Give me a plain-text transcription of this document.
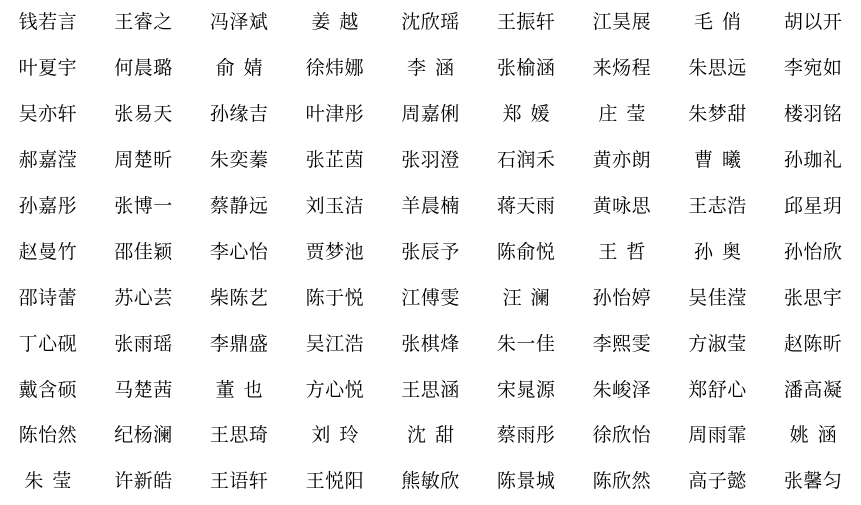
钱若言 王睿之 冯泽斌	姜越 沈欣瑶 王振轩 江昊展	毛俏 胡以开
叶夏宇 何晨璐	俞婧 徐炜娜	李涵 张榆涵 来炀程 朱思远 李宛如
吴亦轩 张易天 孙缘吉 叶津彤 周嘉俐	郑媛	庄莹 朱梦甜 楼羽铭
郝嘉滢 周楚昕 朱奕蓁 张芷茵 张羽澄 石润禾 黄亦朗	曹曦 孙珈礼
孙嘉彤 张博一 蔡静远 刘玉洁 羊晨楠 蒋天雨 黄咏思 王志浩 邱星玥
赵曼竹 邵佳颖 李心怡 贾梦池 张辰予 陈俞悦	王哲	孙奥 孙怡欣
邵诗蕾 苏心芸 柴陈艺 陈于悦 江傅雯	汪澜 孙怡婷 吴佳滢 张思宇
丁心砚 张雨瑶 李鼎盛 吴江浩 张棋烽 朱一佳 李熙雯 方淑莹 赵陈昕
戴含硕 马楚茜	董也 方心悦 王思涵 宋晁源 朱峻泽 郑舒心 潘高凝
陈怡然 纪杨澜 王思琦	刘玲	沈甜 蔡雨彤 徐欣怡 周雨霏	姚涵
朱莹 许新皓 王语轩 王悦阳 熊敏欣 陈景城 陈欣然 高子懿 张馨匀
